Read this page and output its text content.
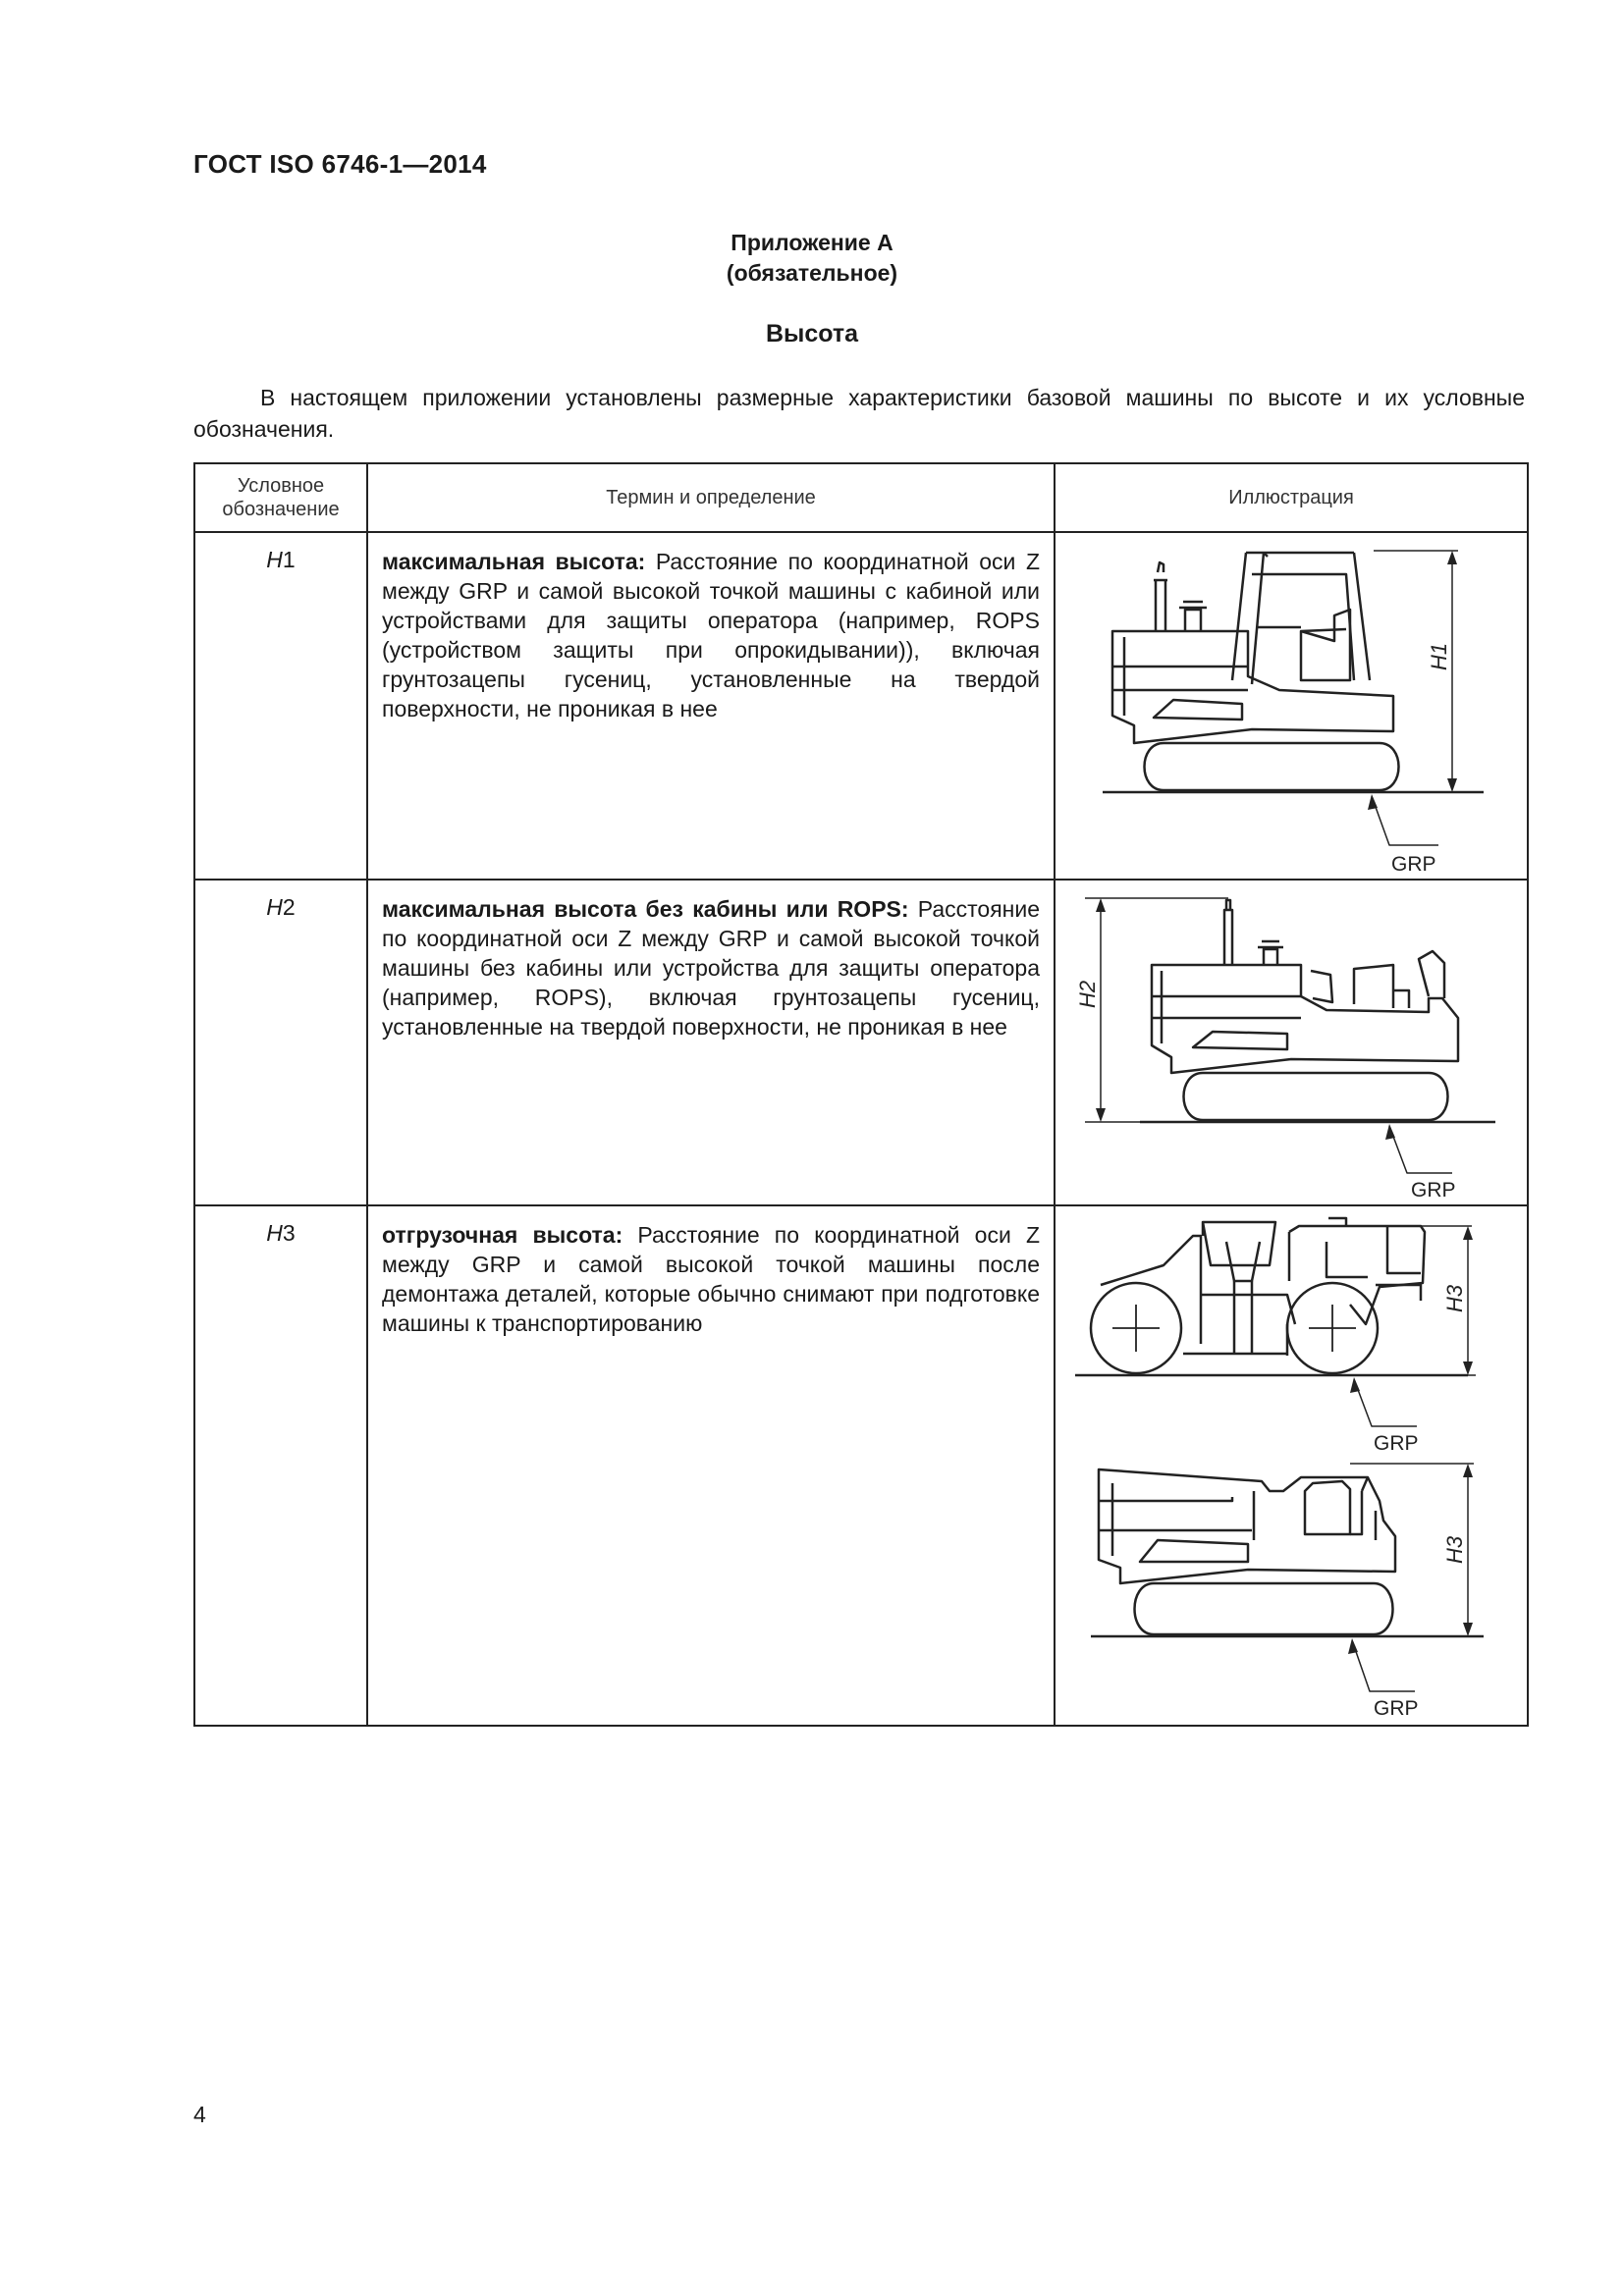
ГОСТ ISO 6746-1—2014
Приложение А
(обязательное)
Высота

В настоящем приложении установлены размерные характеристики базовой машины по высоте и их условные обозначения.

Условное обозначение	Термин и определение	Иллюстрация
H1	максимальная высота: Расстояние по координатной оси Z между GRP и самой высокой точкой машины с кабиной или устройствами для защиты оператора (например, ROPS (устройством защиты при опрокидывании)), включая грунтозацепы гусениц, установленные на твердой поверхности, не проникая в нее	H1
GRP

H2	максимальная высота без кабины или ROPS: Расстояние по координатной оси Z между GRP и самой высокой точкой машины без кабины или устройства для защиты оператора (например, ROPS), включая грунтозацепы гусениц, установленные на твердой поверхности, не проникая в нее	H2
GRP

H3	отгрузочная высота: Расстояние по координатной оси Z между GRP и самой высокой точкой машины после демонтажа деталей, которые обычно снимают при подготовке машины к транспортированию	H3
GRP
H3
GRP
4
